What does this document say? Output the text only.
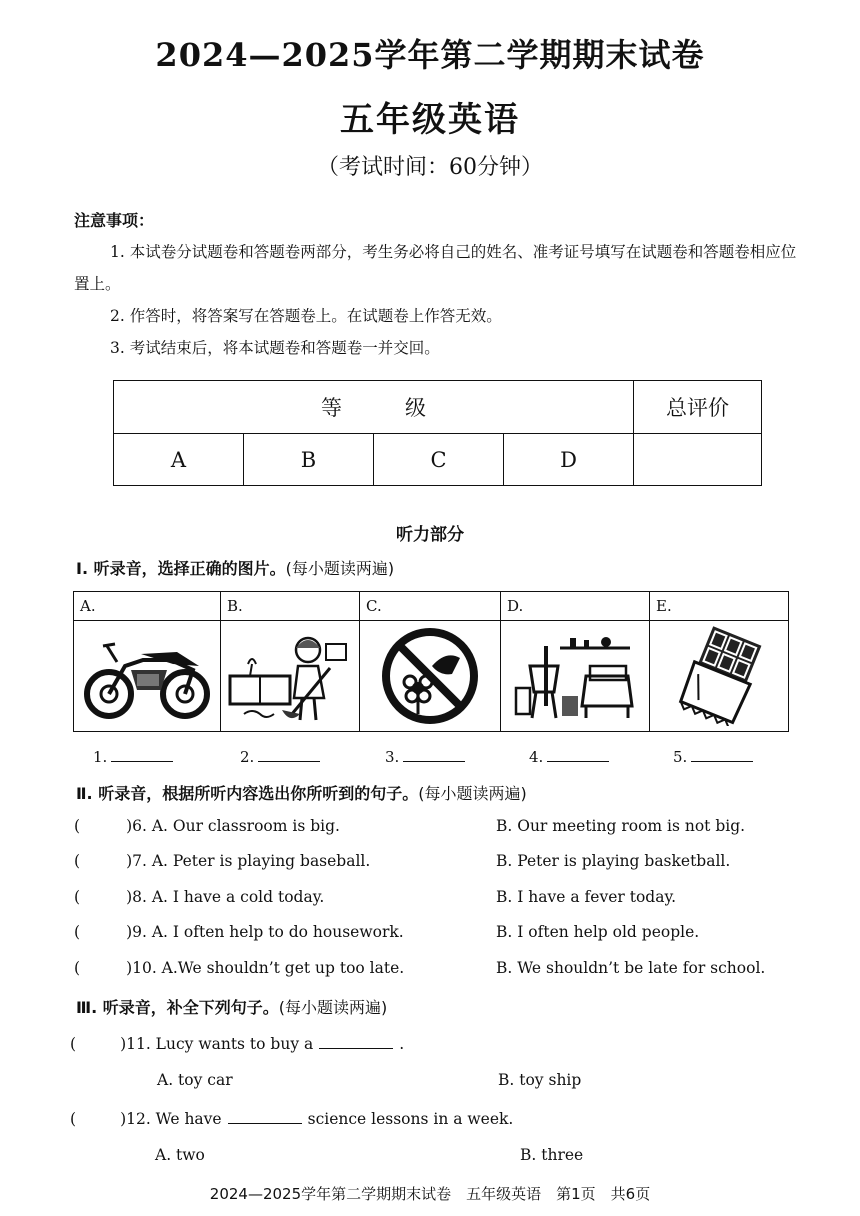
2024—2025学年第二学期期末试卷
五年级英语
（考试时间：60分钟）
注意事项：

1. 本试卷分试题卷和答题卷两部分，考生务必将自己的姓名、准考证号填写在试题卷和答题卷相应位置上。

2. 作答时，将答案写在答题卷上。在试题卷上作答无效。

3. 考试结束后，将本试题卷和答题卷一并交回。

等　　　级				总评价
A	B	C	D	
听力部分
Ⅰ. 听录音，选择正确的图片。(每小题读两遍)
A.	B.	C.	D.	E.

1.	2.	3.	4.	5.
Ⅱ. 听录音，根据所听内容选出你所听到的句子。(每小题读两遍)
(	)6. A. Our classroom is big.	B. Our meeting room is not big.
(	)7. A. Peter is playing baseball.	B. Peter is playing basketball.
(	)8. A. I have a cold today.	B. I have a fever today.
(	)9. A. I often help to do housework.	B. I often help old people.
(	)10. A.We shouldn’t get up too late.	B. We shouldn’t be late for school.
Ⅲ. 听录音，补全下列句子。(每小题读两遍)
(	)11. Lucy wants to buy a	.
A. toy car	B. toy ship
(	)12. We have	science lessons in a week.
A. two	B. three
2024—2025学年第二学期期末试卷　五年级英语　第1页　共6页
